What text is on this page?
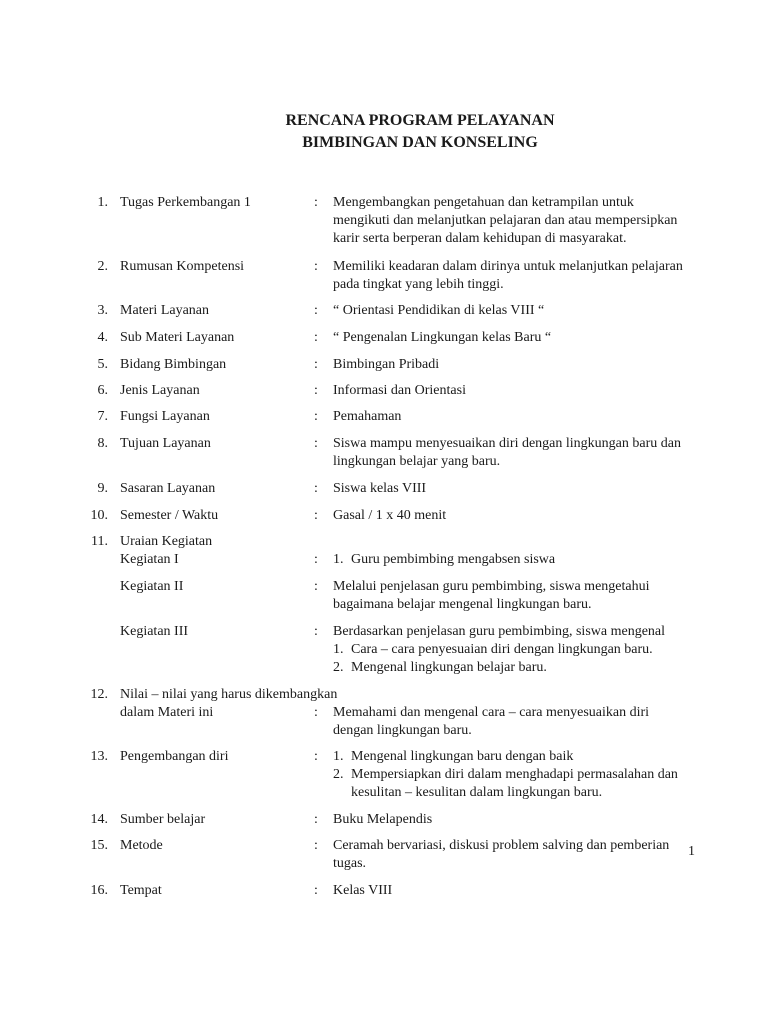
RENCANA PROGRAM PELAYANAN
BIMBINGAN DAN KONSELING
1. Tugas Perkembangan 1	: Mengembangkan pengetahuan dan ketrampilan untuk
mengikuti dan melanjutkan pelajaran dan atau mempersipkan
karir serta berperan dalam kehidupan di masyarakat.
2. Rumusan Kompetensi	: Memiliki keadaran dalam dirinya untuk melanjutkan pelajaran
pada tingkat yang lebih tinggi.
3. Materi Layanan	: “ Orientasi Pendidikan di kelas VIII “
4. Sub Materi Layanan	: “ Pengenalan Lingkungan kelas Baru “
5. Bidang Bimbingan	: Bimbingan Pribadi
6. Jenis Layanan	: Informasi dan Orientasi
7. Fungsi Layanan	: Pemahaman
8. Tujuan Layanan	: Siswa mampu menyesuaikan diri dengan lingkungan baru dan
lingkungan belajar yang baru.
9. Sasaran Layanan	: Siswa kelas VIII
10. Semester / Waktu	: Gasal / 1 x 40 menit
11. Uraian Kegiatan
Kegiatan I	: 1. Guru pembimbing mengabsen siswa
Kegiatan II	: Melalui penjelasan guru pembimbing, siswa mengetahui
bagaimana belajar mengenal lingkungan baru.
Kegiatan III	: Berdasarkan penjelasan guru pembimbing, siswa mengenal
1. Cara – cara penyesuaian diri dengan lingkungan baru.
2. Mengenal lingkungan belajar baru.
12. Nilai – nilai yang harus dikembangkan
dalam Materi ini	: Memahami dan mengenal cara – cara menyesuaikan diri
dengan lingkungan baru.
13. Pengembangan diri	: 1. Mengenal lingkungan baru dengan baik
2. Mempersiapkan diri dalam menghadapi permasalahan dan
kesulitan – kesulitan dalam lingkungan baru.
14. Sumber belajar	: Buku Melapendis
15. Metode	: Ceramah bervariasi, diskusi problem salving dan pemberian
tugas.
16. Tempat	: Kelas VIII
1
